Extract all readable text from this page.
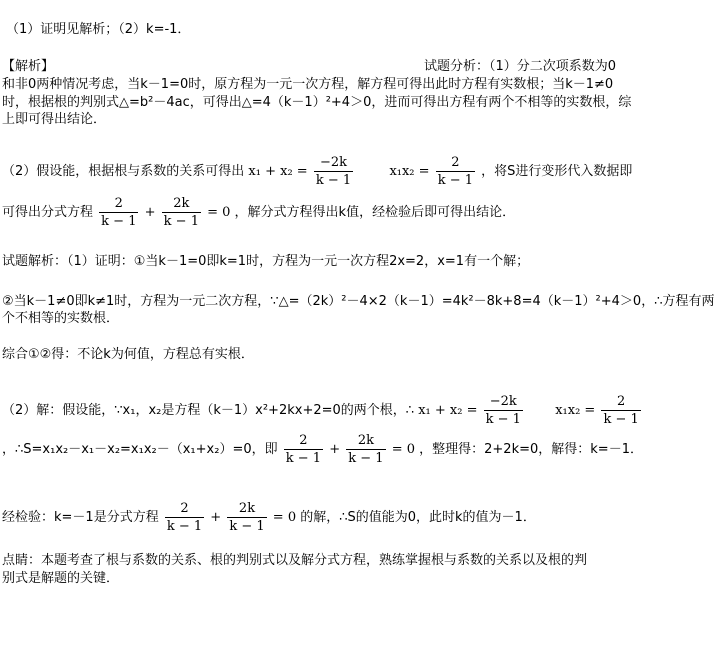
（1）证明见解析；（2）k=-1．
【解析】	试题分析：（1）分二次项系数为0
和非0两种情况考虑，当k－1=0时，原方程为一元一次方程，解方程可得出此时方程有实数根；当k－1≠0
时，根据根的判别式△=b²－4ac，可得出△=4（k－1）²+4＞0，进而可得出方程有两个不相等的实数根，综
上即可得出结论．
（2）假设能，根据根与系数的关系可得出 $x_1 + x_2 = \frac{-2k}{k - 1}$	$x_1x_2 = \frac{2}{k - 1}$ ，将S进行变形代入数据即
可得出分式方程 $\frac{2}{k - 1} + \frac{2k}{k - 1} = 0$ ，解分式方程得出k值，经检验后即可得出结论．
试题解析：（1）证明：①当k－1=0即k=1时，方程为一元一次方程2x=2，x=1有一个解；
②当k－1≠0即k≠1时，方程为一元二次方程，∵△=（2k）²－4×2（k－1）=4k²－8k+8=4（k－1）²+4＞0，∴方程有两
个不相等的实数根．
综合①②得：不论k为何值，方程总有实根．
（2）解：假设能，∵x₁，x₂是方程（k－1）x²+2kx+2=0的两个根，∴ $x_1 + x_2 = \frac{-2k}{k - 1} x_1x_2 = \frac{2}{k - 1}$
，∴S=x₁x₂－x₁－x₂=x₁x₂－（x₁+x₂）=0，即 $\frac{2}{k - 1} + \frac{2k}{k - 1} = 0$ ，整理得：2+2k=0，解得：k=－1．
经检验：k=－1是分式方程 $\frac{2}{k - 1} + \frac{2k}{k - 1} = 0$ 的解，∴S的值能为0，此时k的值为－1．
点睛：本题考查了根与系数的关系、根的判别式以及解分式方程，熟练掌握根与系数的关系以及根的判
别式是解题的关键．
